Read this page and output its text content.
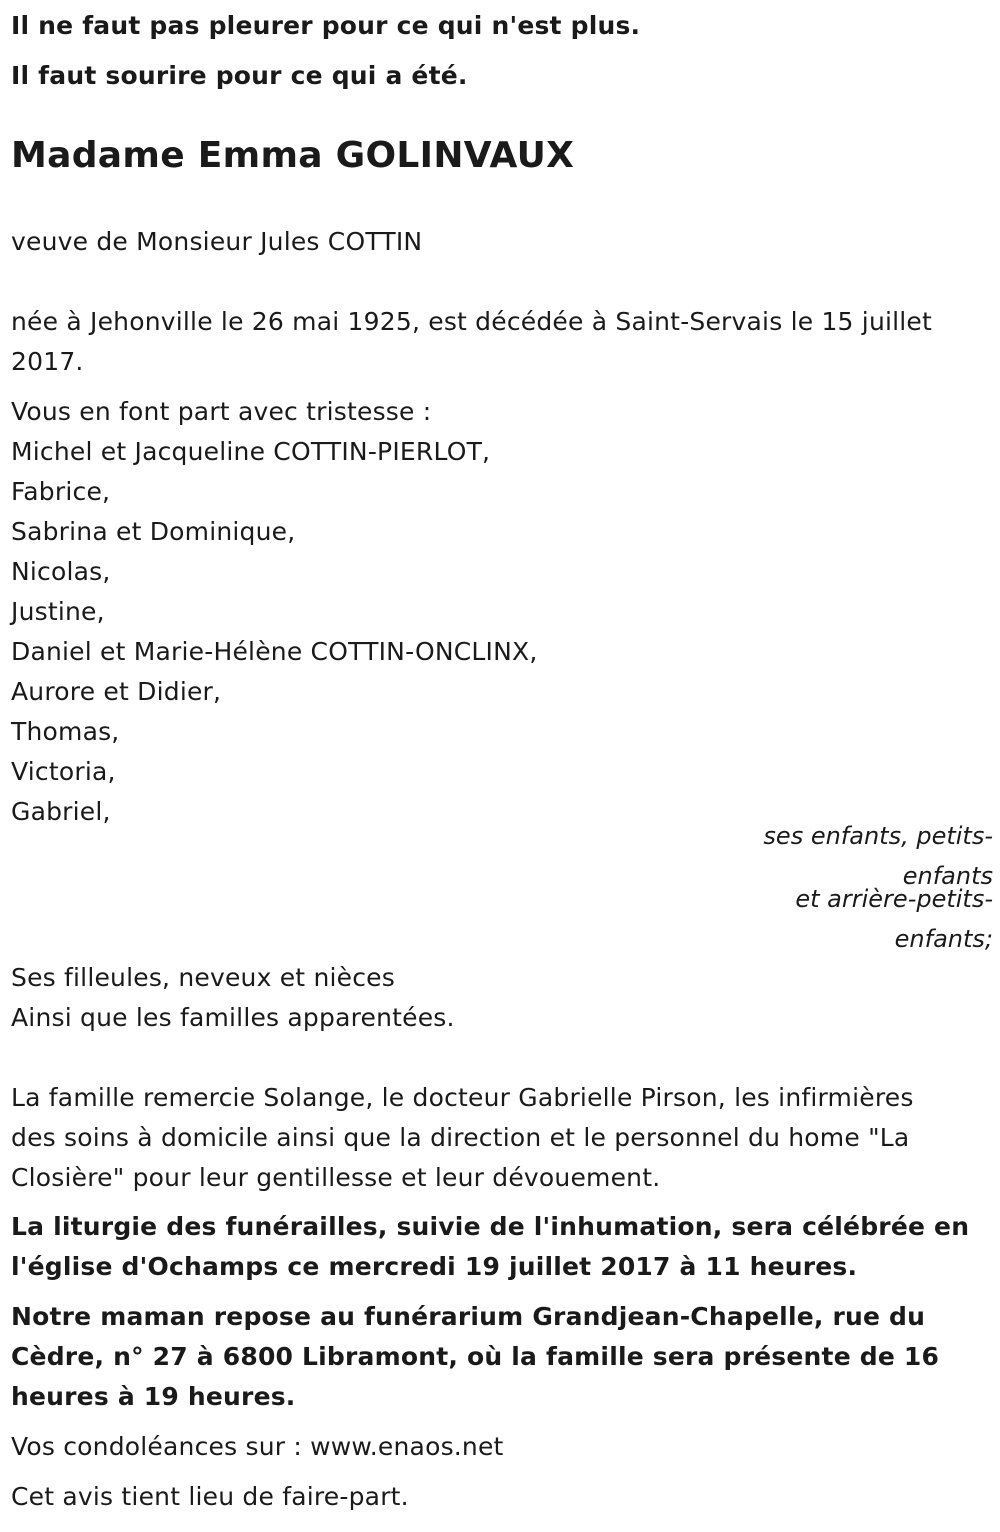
Il ne faut pas pleurer pour ce qui n'est plus.
Il faut sourire pour ce qui a été.
Madame Emma GOLINVAUX
veuve de Monsieur Jules COTTIN
née à Jehonville le 26 mai 1925, est décédée à Saint-Servais le 15 juillet
2017.
Vous en font part avec tristesse :
Michel et Jacqueline COTTIN-PIERLOT,
Fabrice,
Sabrina et Dominique,
Nicolas,
Justine,
Daniel et Marie-Hélène COTTIN-ONCLINX,
Aurore et Didier,
Thomas,
Victoria,
Gabriel,
ses enfants, petits-
enfants
et arrière-petits-
enfants;
Ses filleules, neveux et nièces
Ainsi que les familles apparentées.
La famille remercie Solange, le docteur Gabrielle Pirson, les infirmières
des soins à domicile ainsi que la direction et le personnel du home "La
Closière" pour leur gentillesse et leur dévouement.
La liturgie des funérailles, suivie de l'inhumation, sera célébrée en
l'église d'Ochamps ce mercredi 19 juillet 2017 à 11 heures.
Notre maman repose au funérarium Grandjean-Chapelle, rue du
Cèdre, n° 27 à 6800 Libramont, où la famille sera présente de 16
heures à 19 heures.
Vos condoléances sur : www.enaos.net
Cet avis tient lieu de faire-part.
